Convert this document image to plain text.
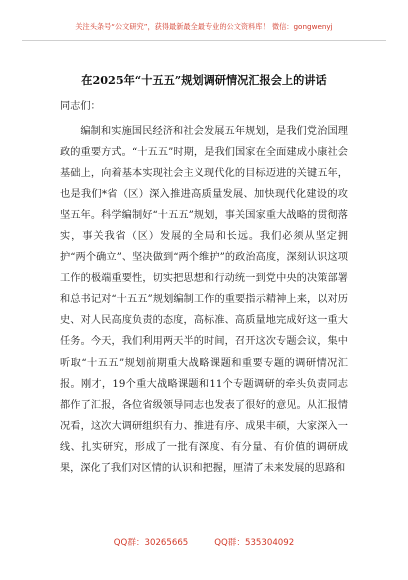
关注头条号“公文研究”，获得最新最全最专业的公文资料库！ 微信：gongwenyj
在2025年“十五五”规划调研情况汇报会上的讲话
同志们：

编制和实施国民经济和社会发展五年规划，是我们党治国理政的重要方式。“十五五”时期，是我们国家在全面建成小康社会基础上，向着基本实现社会主义现代化的目标迈进的关键五年，也是我们*省（区）深入推进高质量发展、加快现代化建设的攻坚五年。科学编制好“十五五”规划，事关国家重大战略的贯彻落实，事关我省（区）发展的全局和长远。我们必须从坚定拥护“两个确立”、坚决做到“两个维护”的政治高度，深刻认识这项工作的极端重要性，切实把思想和行动统一到党中央的决策部署和总书记对“十五五”规划编制工作的重要指示精神上来，以对历史、对人民高度负责的态度，高标准、高质量地完成好这一重大任务。今天，我们利用两天半的时间，召开这次专题会议，集中听取“十五五”规划前期重大战略课题和重要专题的调研情况汇报。刚才，19个重大战略课题和11个专题调研的牵头负责同志都作了汇报，各位省级领导同志也发表了很好的意见。从汇报情况看，这次大调研组织有力、推进有序、成果丰硕，大家深入一线、扎实研究，形成了一批有深度、有分量、有价值的调研成果，深化了我们对区情的认识和把握，厘清了未来发展的思路和

QQ群：30265665	QQ群：535304092
